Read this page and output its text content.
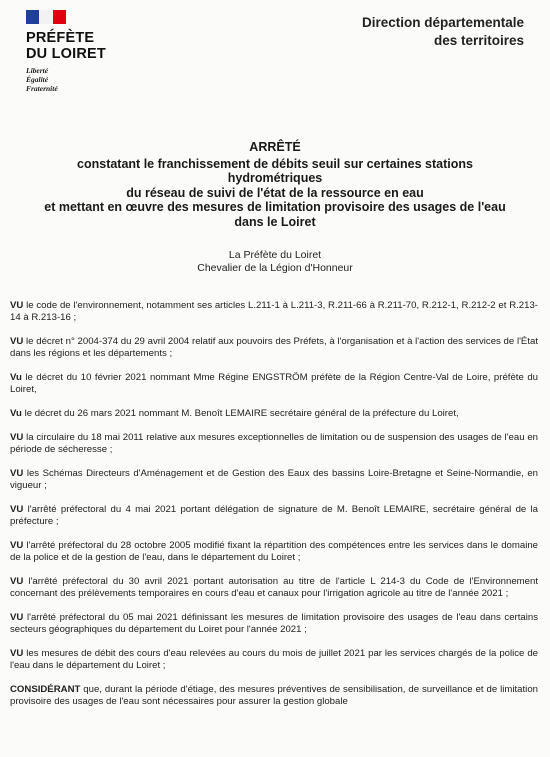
PRÉFÈTE
DU LOIRET
Liberté
Égalité
Fraternité
Direction départementale
des territoires
ARRÊTÉ
constatant le franchissement de débits seuil sur certaines stations hydrométriques
du réseau de suivi de l'état de la ressource en eau
et mettant en œuvre des mesures de limitation provisoire des usages de l'eau
dans le Loiret
La Préfète du Loiret
Chevalier de la Légion d'Honneur

VU le code de l'environnement, notamment ses articles L.211-1 à L.211-3, R.211-66 à R.211-70, R.212-1, R.212-2 et R.213-14 à R.213-16 ;

VU le décret n° 2004-374 du 29 avril 2004 relatif aux pouvoirs des Préfets, à l'organisation et à l'action des services de l'État dans les régions et les départements ;

Vu le décret du 10 février 2021 nommant Mme Régine ENGSTRÖM préfète de la Région Centre-Val de Loire, préfète du Loiret,

Vu le décret du 26 mars 2021 nommant M. Benoît LEMAIRE secrétaire général de la préfecture du Loiret,

VU la circulaire du 18 mai 2011 relative aux mesures exceptionnelles de limitation ou de suspension des usages de l'eau en période de sécheresse ;

VU les Schémas Directeurs d'Aménagement et de Gestion des Eaux des bassins Loire-Bretagne et Seine-Normandie, en vigueur ;

VU l'arrêté préfectoral du 4 mai 2021 portant délégation de signature de M. Benoît LEMAIRE, secrétaire général de la préfecture ;

VU l'arrêté préfectoral du 28 octobre 2005 modifié fixant la répartition des compétences entre les services dans le domaine de la police et de la gestion de l'eau, dans le département du Loiret ;

VU l'arrêté préfectoral du 30 avril 2021 portant autorisation au titre de l'article L 214-3 du Code de l'Environnement concernant des prélèvements temporaires en cours d'eau et canaux pour l'irrigation agricole au titre de l'année 2021 ;

VU l'arrêté préfectoral du 05 mai 2021 définissant les mesures de limitation provisoire des usages de l'eau dans certains secteurs géographiques du département du Loiret pour l'année 2021 ;

VU les mesures de débit des cours d'eau relevées au cours du mois de juillet 2021 par les services chargés de la police de l'eau dans le département du Loiret ;

CONSIDÉRANT que, durant la période d'étiage, des mesures préventives de sensibilisation, de surveillance et de limitation provisoire des usages de l'eau sont nécessaires pour assurer la gestion globale
